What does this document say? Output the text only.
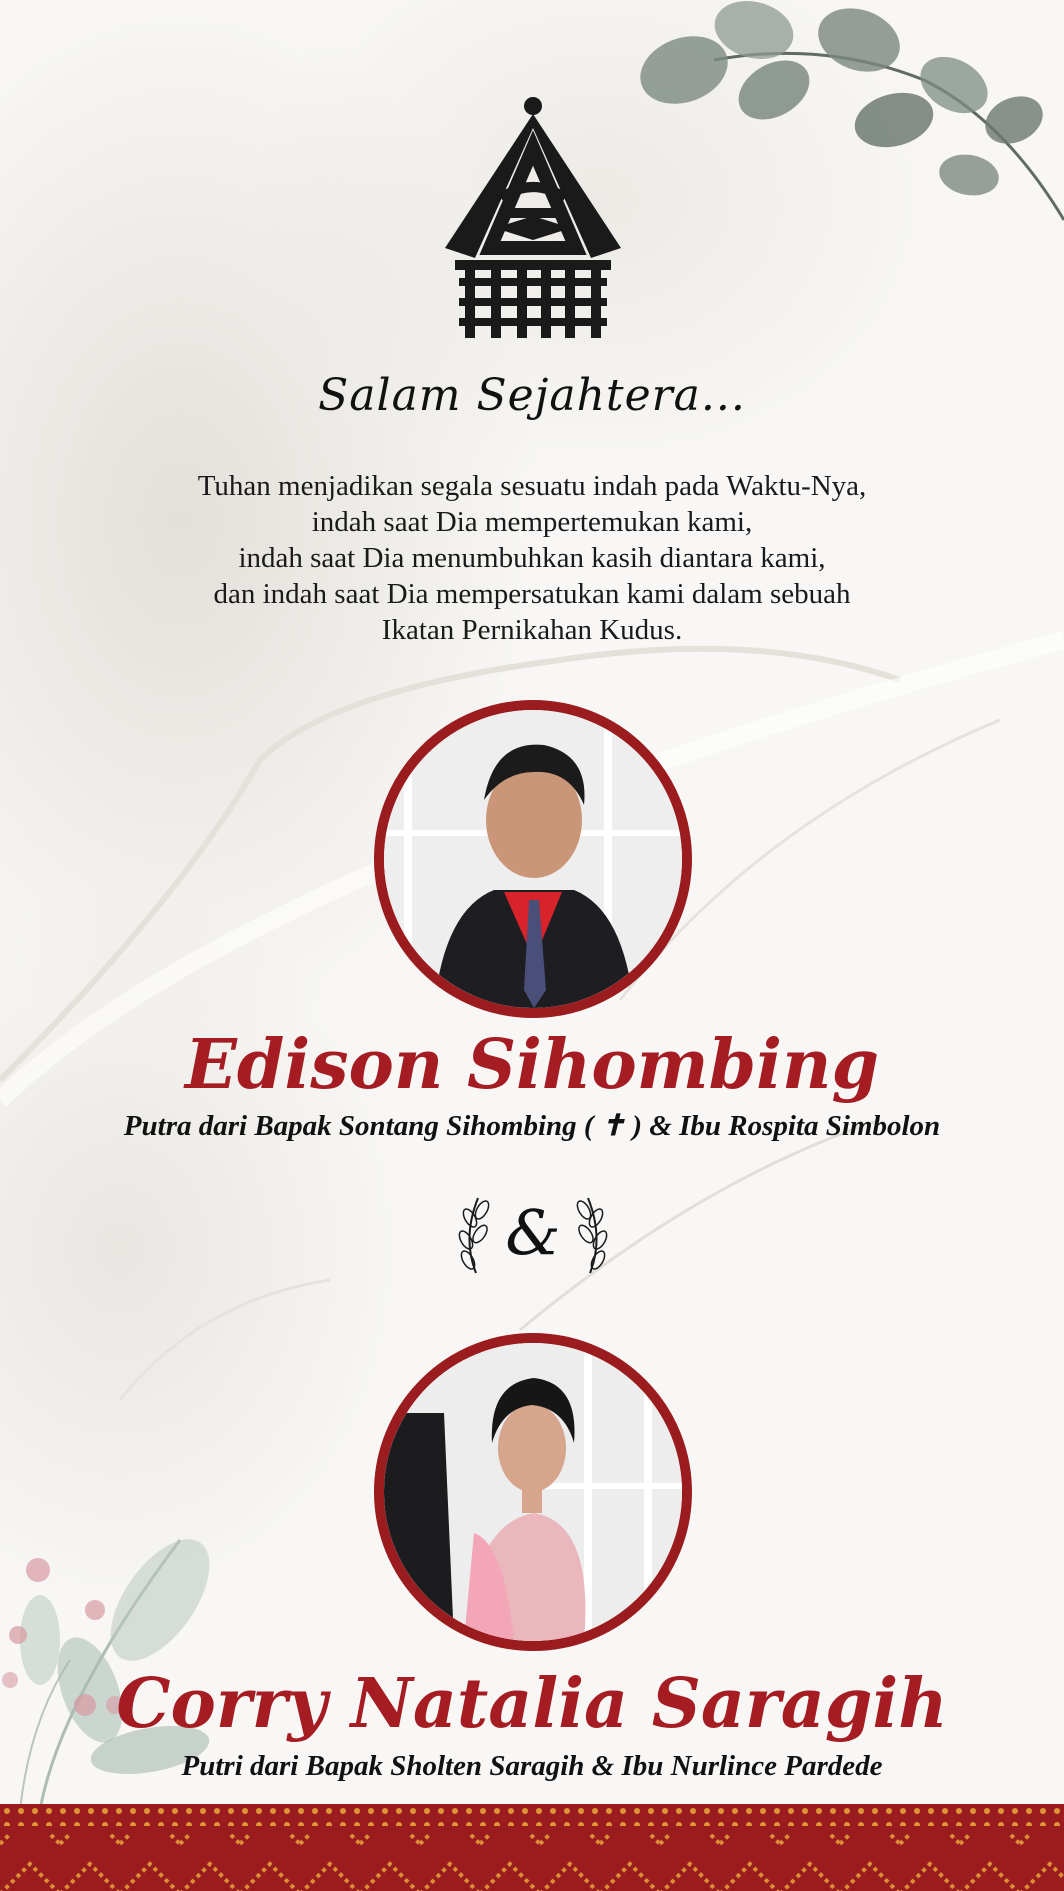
Salam Sejahtera...
Tuhan menjadikan segala sesuatu indah pada Waktu-Nya,
indah saat Dia mempertemukan kami,
indah saat Dia menumbuhkan kasih diantara kami,
dan indah saat Dia mempersatukan kami dalam sebuah
Ikatan Pernikahan Kudus.
Edison Sihombing
Putra dari Bapak Sontang Sihombing ( ✝ ) & Ibu Rospita Simbolon
&
Corry Natalia Saragih
Putri dari Bapak Sholten Saragih & Ibu Nurlince Pardede
